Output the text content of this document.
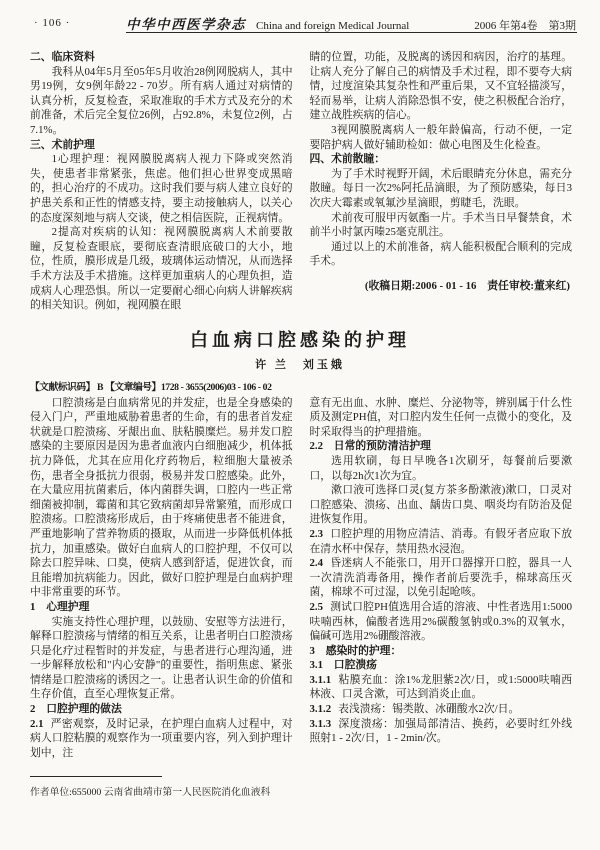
· 106 ·	中华中西医学杂志 China and foreign Medical Journal	2006 年第4卷　第3期

二、临床资料

我科从04年5月至05年5月收治28例网脱病人，其中男19例，女9例年龄22 - 70岁。所有病人通过对病情的认真分析，反复检查，采取准取的手术方式及充分的术前准备，术后完全复位26例，占92.8%，未复位2例，占7.1%。

三、术前护理

1心理护理：视网膜脱离病人视力下降或突然消失，使患者非常紧张，焦虑。他们担心世界变成黑暗的，担心治疗的不成功。这时我们要与病人建立良好的护患关系和正性的情感支持，要主动接触病人，以关心的态度深刻地与病人交谈，使之相信医院，正视病情。

2提高对疾病的认知：视网膜脱离病人术前要散瞳，反复检查眼底，要彻底查清眼底破口的大小，地位，性质，膜形成是几级，玻璃体运动情况，从而选择手术方法及手术措施。这样更加重病人的心理负担，造成病人心理恐惧。所以一定要耐心细心向病人讲解疾病的相关知识。例如，视网膜在眼

睛的位置，功能，及脱离的诱因和病因，治疗的基理。让病人充分了解自己的病情及手术过程，即不要夸大病情，过度渲染其复杂性和严重后果，又不宜轻描淡写，轻而易举，让病人消除恐惧不安，使之积极配合治疗，建立战胜疾病的信心。

3视网膜脱离病人一般年龄偏高，行动不便，一定要陪护病人做好辅助检如：做心电图及生化检查。

四、术前散瞳：

为了手术时视野开阔，术后眼睛充分休息，需充分散瞳。每日一次2%阿托品滴眼，为了预防感染，每日3次庆大霉素或氧氟沙星滴眼，剪睫毛，洗眼。

术前夜可服甲丙氨酯一片。手术当日早餐禁食，术前半小时氯丙嗪25毫克肌注。

通过以上的术前准备，病人能积极配合顺利的完成手术。

(收稿日期:2006 - 01 - 16　责任审校:董来红)

白血病口腔感染的护理
许 兰　刘玉娥

【文献标识码】 B 【文章编号】1728 - 3655(2006)03 - 106 - 02

口腔溃疡是白血病常见的并发症，也是全身感染的侵入门户，严重地威胁着患者的生命，有的患者首发症状就是口腔溃疡、牙龈出血、肤粘膜糜烂。易并发口腔感染的主要原因是因为患者血液内白细胞减少，机体抵抗力降低，尤其在应用化疗药物后，粒细胞大量被杀伤，患者全身抵抗力很弱，极易并发口腔感染。此外，在大量应用抗菌素后，体内菌群失调，口腔内一些正常细菌被抑制，霉菌和其它致病菌却异常繁殖，而形成口腔溃疡。口腔溃疡形成后，由于疼痛使患者不能进食，严重地影响了营养物质的摄取，从而进一步降低机体抵抗力，加重感染。做好白血病人的口腔护理，不仅可以除去口腔异味、口臭，使病人感到舒适，促进饮食，而且能增加抗病能力。因此，做好口腔护理是白血病护理中非常重要的环节。

1　心理护理

实施支持性心理护理，以鼓励、安慰等方法进行，解释口腔溃疡与情绪的相互关系，让患者明白口腔溃疡只是化疗过程暂时的并发症，与患者进行心理沟通，进一步解释放松和"内心安静"的重要性，指明焦虑、紧张情绪是口腔溃疡的诱因之一。让患者认识生命的价值和生存价值，直至心理恢复正常。

2　口腔护理的做法

2.1 严密观察，及时记录，在护理白血病人过程中，对病人口腔粘膜的观察作为一项重要内容，列入到护理计划中，注

意有无出血、水肿、糜烂、分泌物等，辨别属于什么性质及测定PH值，对口腔内发生任何一点微小的变化，及时采取得当的护理措施。

2.2　日常的预防清洁护理

选用软刷，每日早晚各1次刷牙，每餐前后要漱口，以每2h次1次为宜。

漱口液可选择口灵(复方茶多酚漱液)漱口，口灵对口腔感染、溃疡、出血、龋齿口臭、咽炎均有防治及促进恢复作用。

2.3 口腔护理的用物应清洁、消毒。有假牙者应取下放在清水杯中保存，禁用热水浸泡。

2.4 昏迷病人不能张口，用开口器撑开口腔，器具一人一次清洗消毒备用，操作者前后要洗手，棉球高压灭菌，棉球不可过湿，以免引起呛咳。

2.5 测试口腔PH值选用合适的溶液、中性者选用1:5000呋喃西林，偏酸者选用2%碳酸氢钠或0.3%的双氧水，偏碱可选用2%硼酸溶液。

3　感染时的护理：

3.1　口腔溃疡

3.1.1 粘膜充血：涂1%龙胆紫2次/日，或1:5000呋喃西林液、口灵含漱，可达到消炎止血。

3.1.2 表浅溃疡：锡类散、冰硼酸水2次/日。

3.1.3 深度溃疡：加强局部清洁、换药，必要时红外线照射1 - 2次/日，1 - 2min/次。

作者单位:655000 云南省曲靖市第一人民医院消化血液科
